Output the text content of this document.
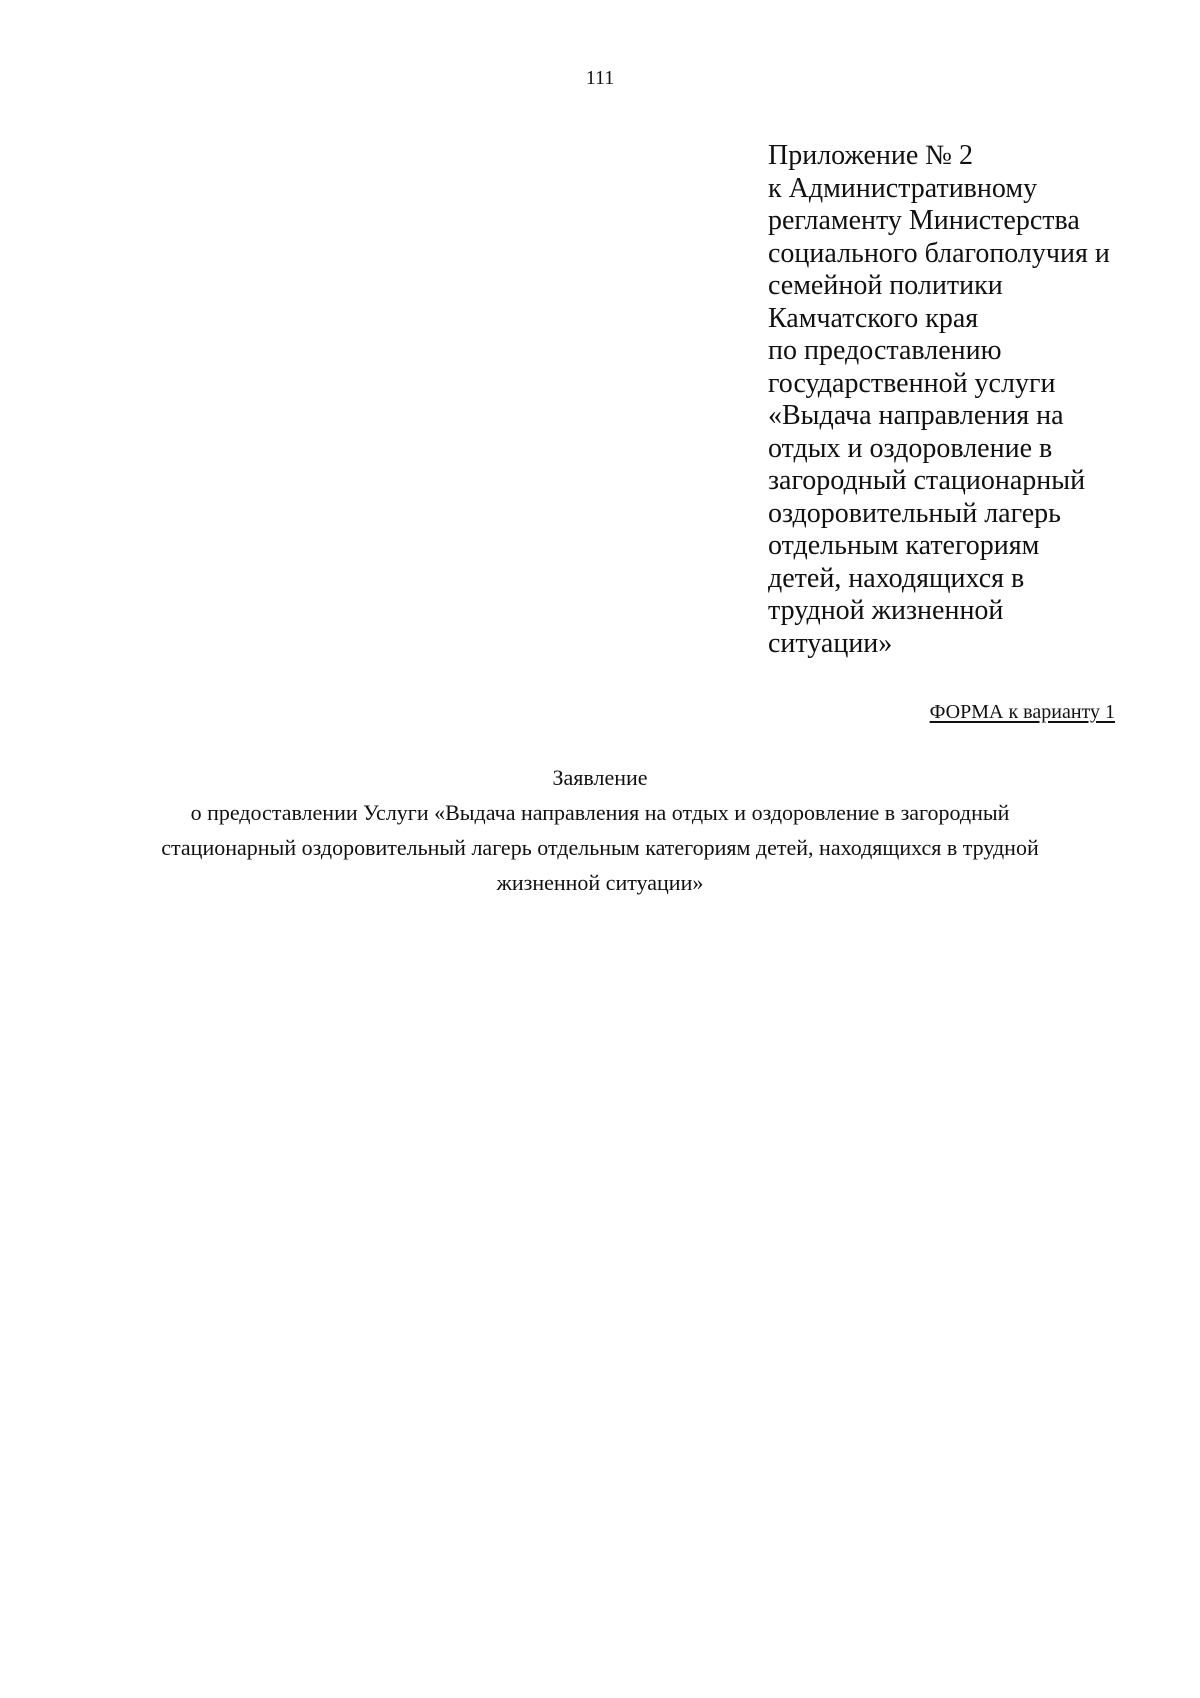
111
Приложение № 2
к Административному
регламенту Министерства
социального благополучия и
семейной политики
Камчатского края
по предоставлению
государственной услуги
«Выдача направления на
отдых и оздоровление в
загородный стационарный
оздоровительный лагерь
отдельным категориям
детей, находящихся в
трудной жизненной
ситуации»
ФОРМА к варианту 1
Заявление
о предоставлении Услуги «Выдача направления на отдых и оздоровление в загородный
стационарный оздоровительный лагерь отдельным категориям детей, находящихся в трудной
жизненной ситуации»
